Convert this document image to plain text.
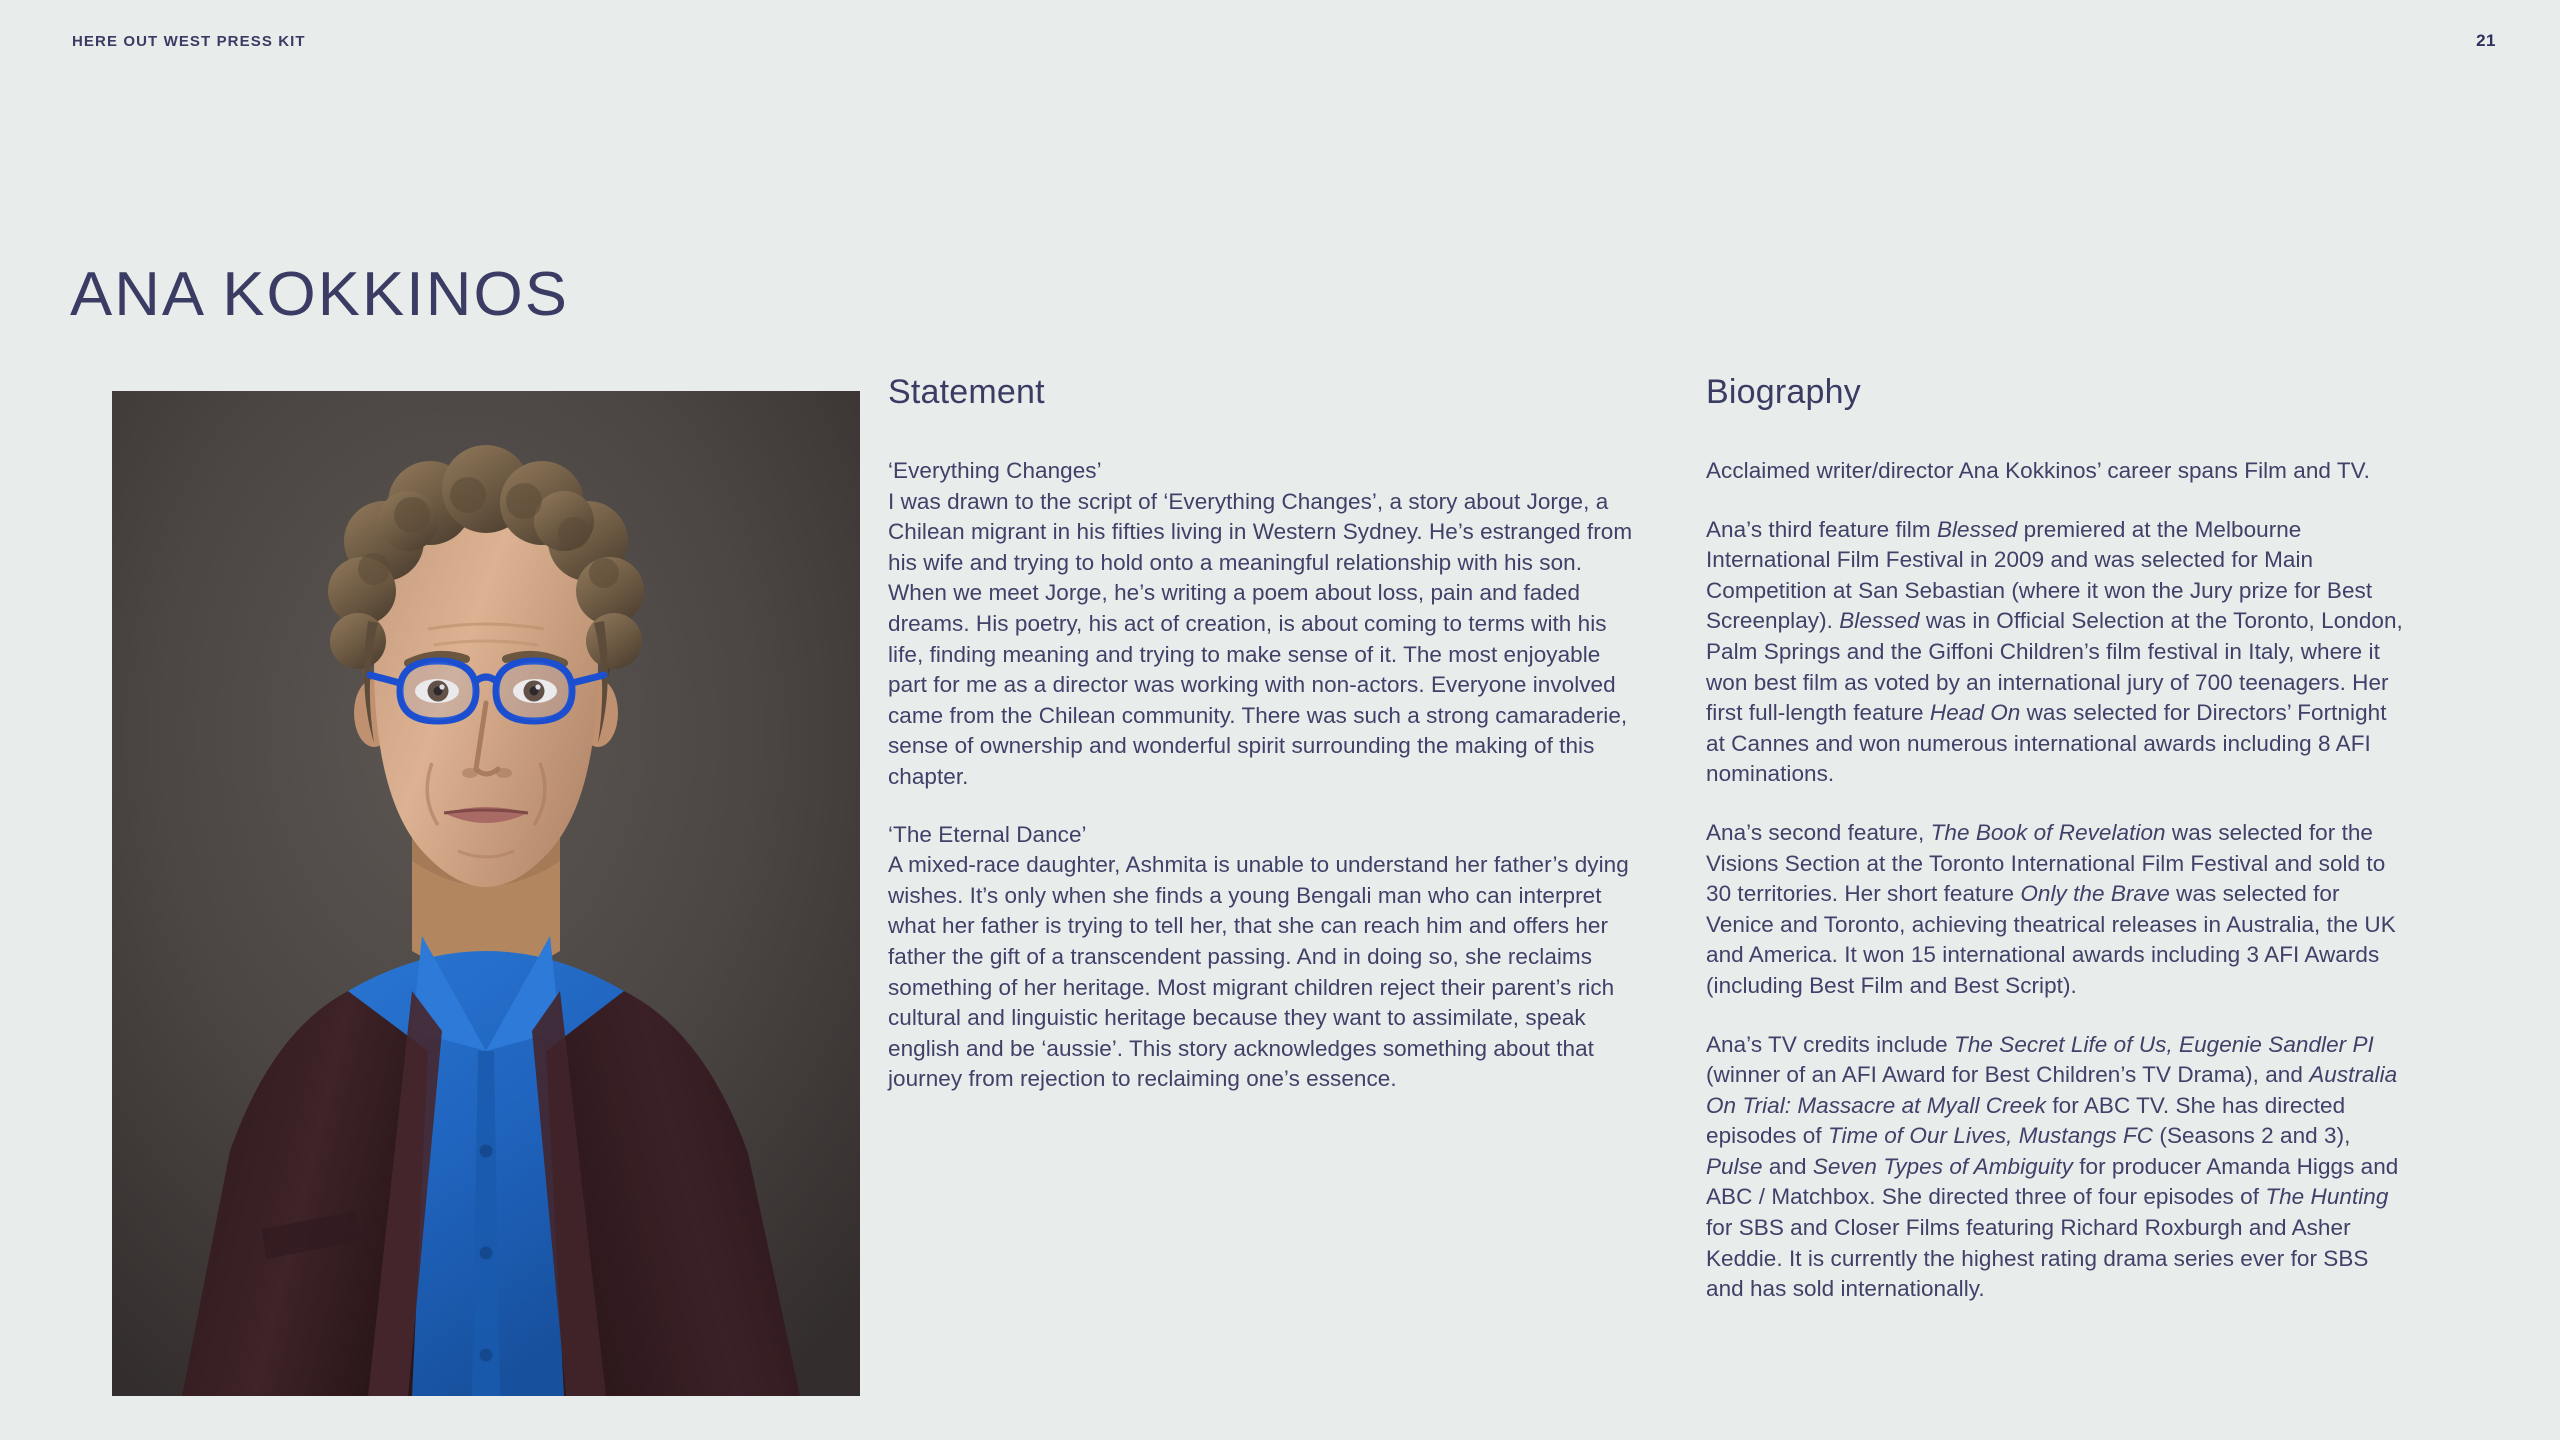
HERE OUT WEST PRESS KIT	21
ANA KOKKINOS
Statement

‘Everything Changes’
I was drawn to the script of ‘Everything Changes’, a story about Jorge, a Chilean migrant in his fifties living in Western Sydney. He’s estranged from his wife and trying to hold onto a meaningful relationship with his son. When we meet Jorge, he’s writing a poem about loss, pain and faded dreams. His poetry, his act of creation, is about coming to terms with his life, finding meaning and trying to make sense of it. The most enjoyable part for me as a director was working with non-actors. Everyone involved came from the Chilean community. There was such a strong camaraderie, sense of ownership and wonderful spirit surrounding the making of this chapter.

‘The Eternal Dance’
A mixed-race daughter, Ashmita is unable to understand her father’s dying wishes. It’s only when she finds a young Bengali man who can interpret what her father is trying to tell her, that she can reach him and offers her father the gift of a transcendent passing. And in doing so, she reclaims something of her heritage. Most migrant children reject their parent’s rich cultural and linguistic heritage because they want to assimilate, speak english and be ‘aussie’. This story acknowledges something about that journey from rejection to reclaiming one’s essence.

Biography

Acclaimed writer/director Ana Kokkinos’ career spans Film and TV.

Ana’s third feature film Blessed premiered at the Melbourne International Film Festival in 2009 and was selected for Main Competition at San Sebastian (where it won the Jury prize for Best Screenplay). Blessed was in Official Selection at the Toronto, London, Palm Springs and the Giffoni Children’s film festival in Italy, where it won best film as voted by an international jury of 700 teenagers. Her first full-length feature Head On was selected for Directors’ Fortnight at Cannes and won numerous international awards including 8 AFI nominations.

Ana’s second feature, The Book of Revelation was selected for the Visions Section at the Toronto International Film Festival and sold to 30 territories. Her short feature Only the Brave was selected for Venice and Toronto, achieving theatrical releases in Australia, the UK and America. It won 15 international awards including 3 AFI Awards (including Best Film and Best Script).

Ana’s TV credits include The Secret Life of Us, Eugenie Sandler PI (winner of an AFI Award for Best Children’s TV Drama), and Australia On Trial: Massacre at Myall Creek for ABC TV. She has directed episodes of Time of Our Lives, Mustangs FC (Seasons 2 and 3), Pulse and Seven Types of Ambiguity for producer Amanda Higgs and ABC / Matchbox. She directed three of four episodes of The Hunting for SBS and Closer Films featuring Richard Roxburgh and Asher Keddie. It is currently the highest rating drama series ever for SBS and has sold internationally.
